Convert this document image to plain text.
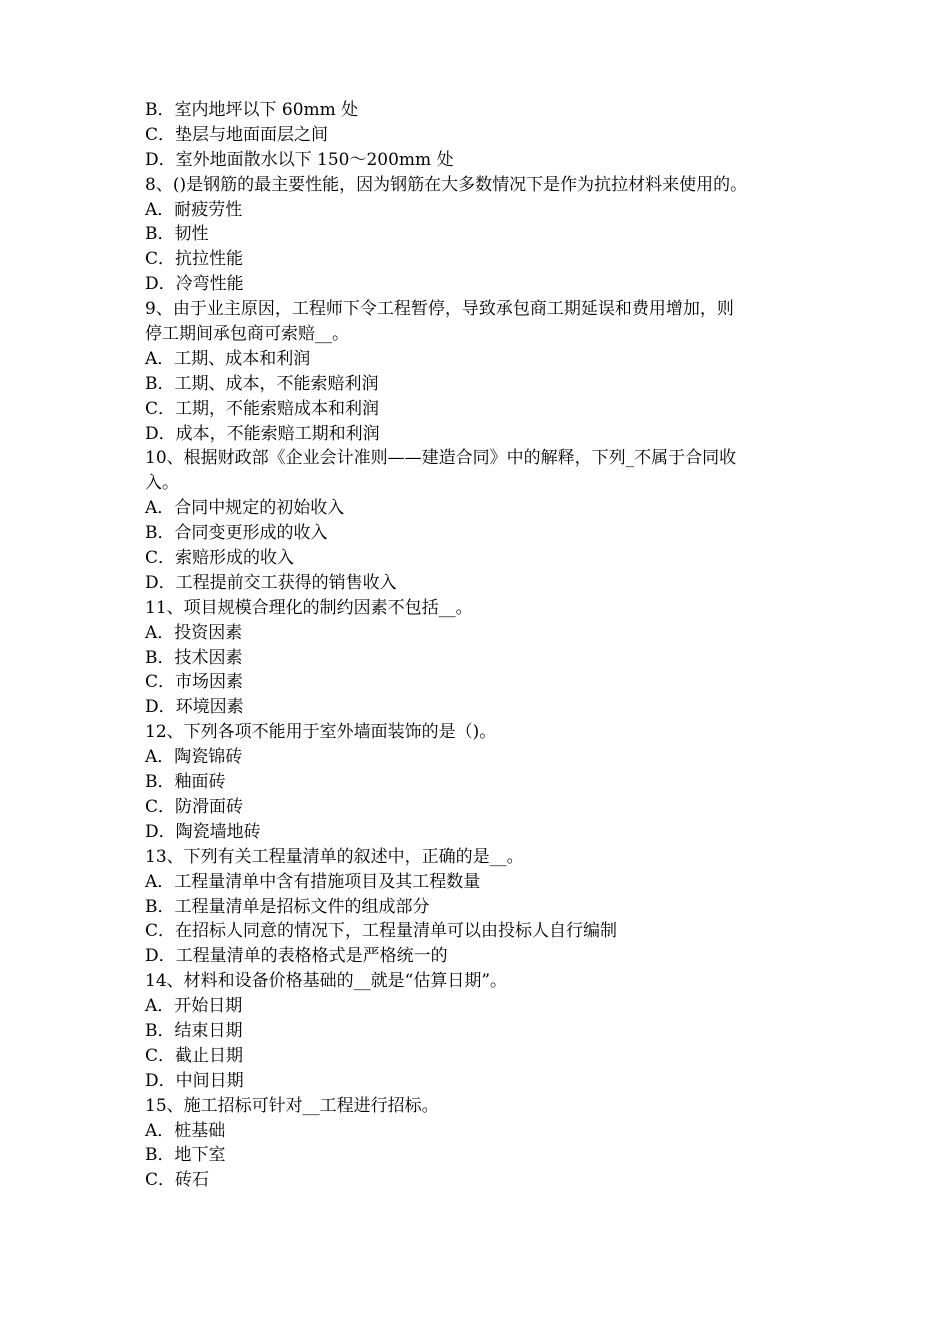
B．室内地坪以下 60mm 处
C．垫层与地面面层之间
D．室外地面散水以下 150～200mm 处
8、()是钢筋的最主要性能，因为钢筋在大多数情况下是作为抗拉材料来使用的。
A．耐疲劳性
B．韧性
C．抗拉性能
D．冷弯性能
9、由于业主原因，工程师下令工程暂停，导致承包商工期延误和费用增加，则
停工期间承包商可索赔__。
A．工期、成本和利润
B．工期、成本，不能索赔利润
C．工期，不能索赔成本和利润
D．成本，不能索赔工期和利润
10、根据财政部《企业会计准则——建造合同》中的解释，下列_不属于合同收
入。
A．合同中规定的初始收入
B．合同变更形成的收入
C．索赔形成的收入
D．工程提前交工获得的销售收入
11、项目规模合理化的制约因素不包括__。
A．投资因素
B．技术因素
C．市场因素
D．环境因素
12、下列各项不能用于室外墙面装饰的是（)。
A．陶瓷锦砖
B．釉面砖
C．防滑面砖
D．陶瓷墙地砖
13、下列有关工程量清单的叙述中，正确的是__。
A．工程量清单中含有措施项目及其工程数量
B．工程量清单是招标文件的组成部分
C．在招标人同意的情况下，工程量清单可以由投标人自行编制
D．工程量清单的表格格式是严格统一的
14、材料和设备价格基础的__就是“估算日期”。
A．开始日期
B．结束日期
C．截止日期
D．中间日期
15、施工招标可针对__工程进行招标。
A．桩基础
B．地下室
C．砖石
